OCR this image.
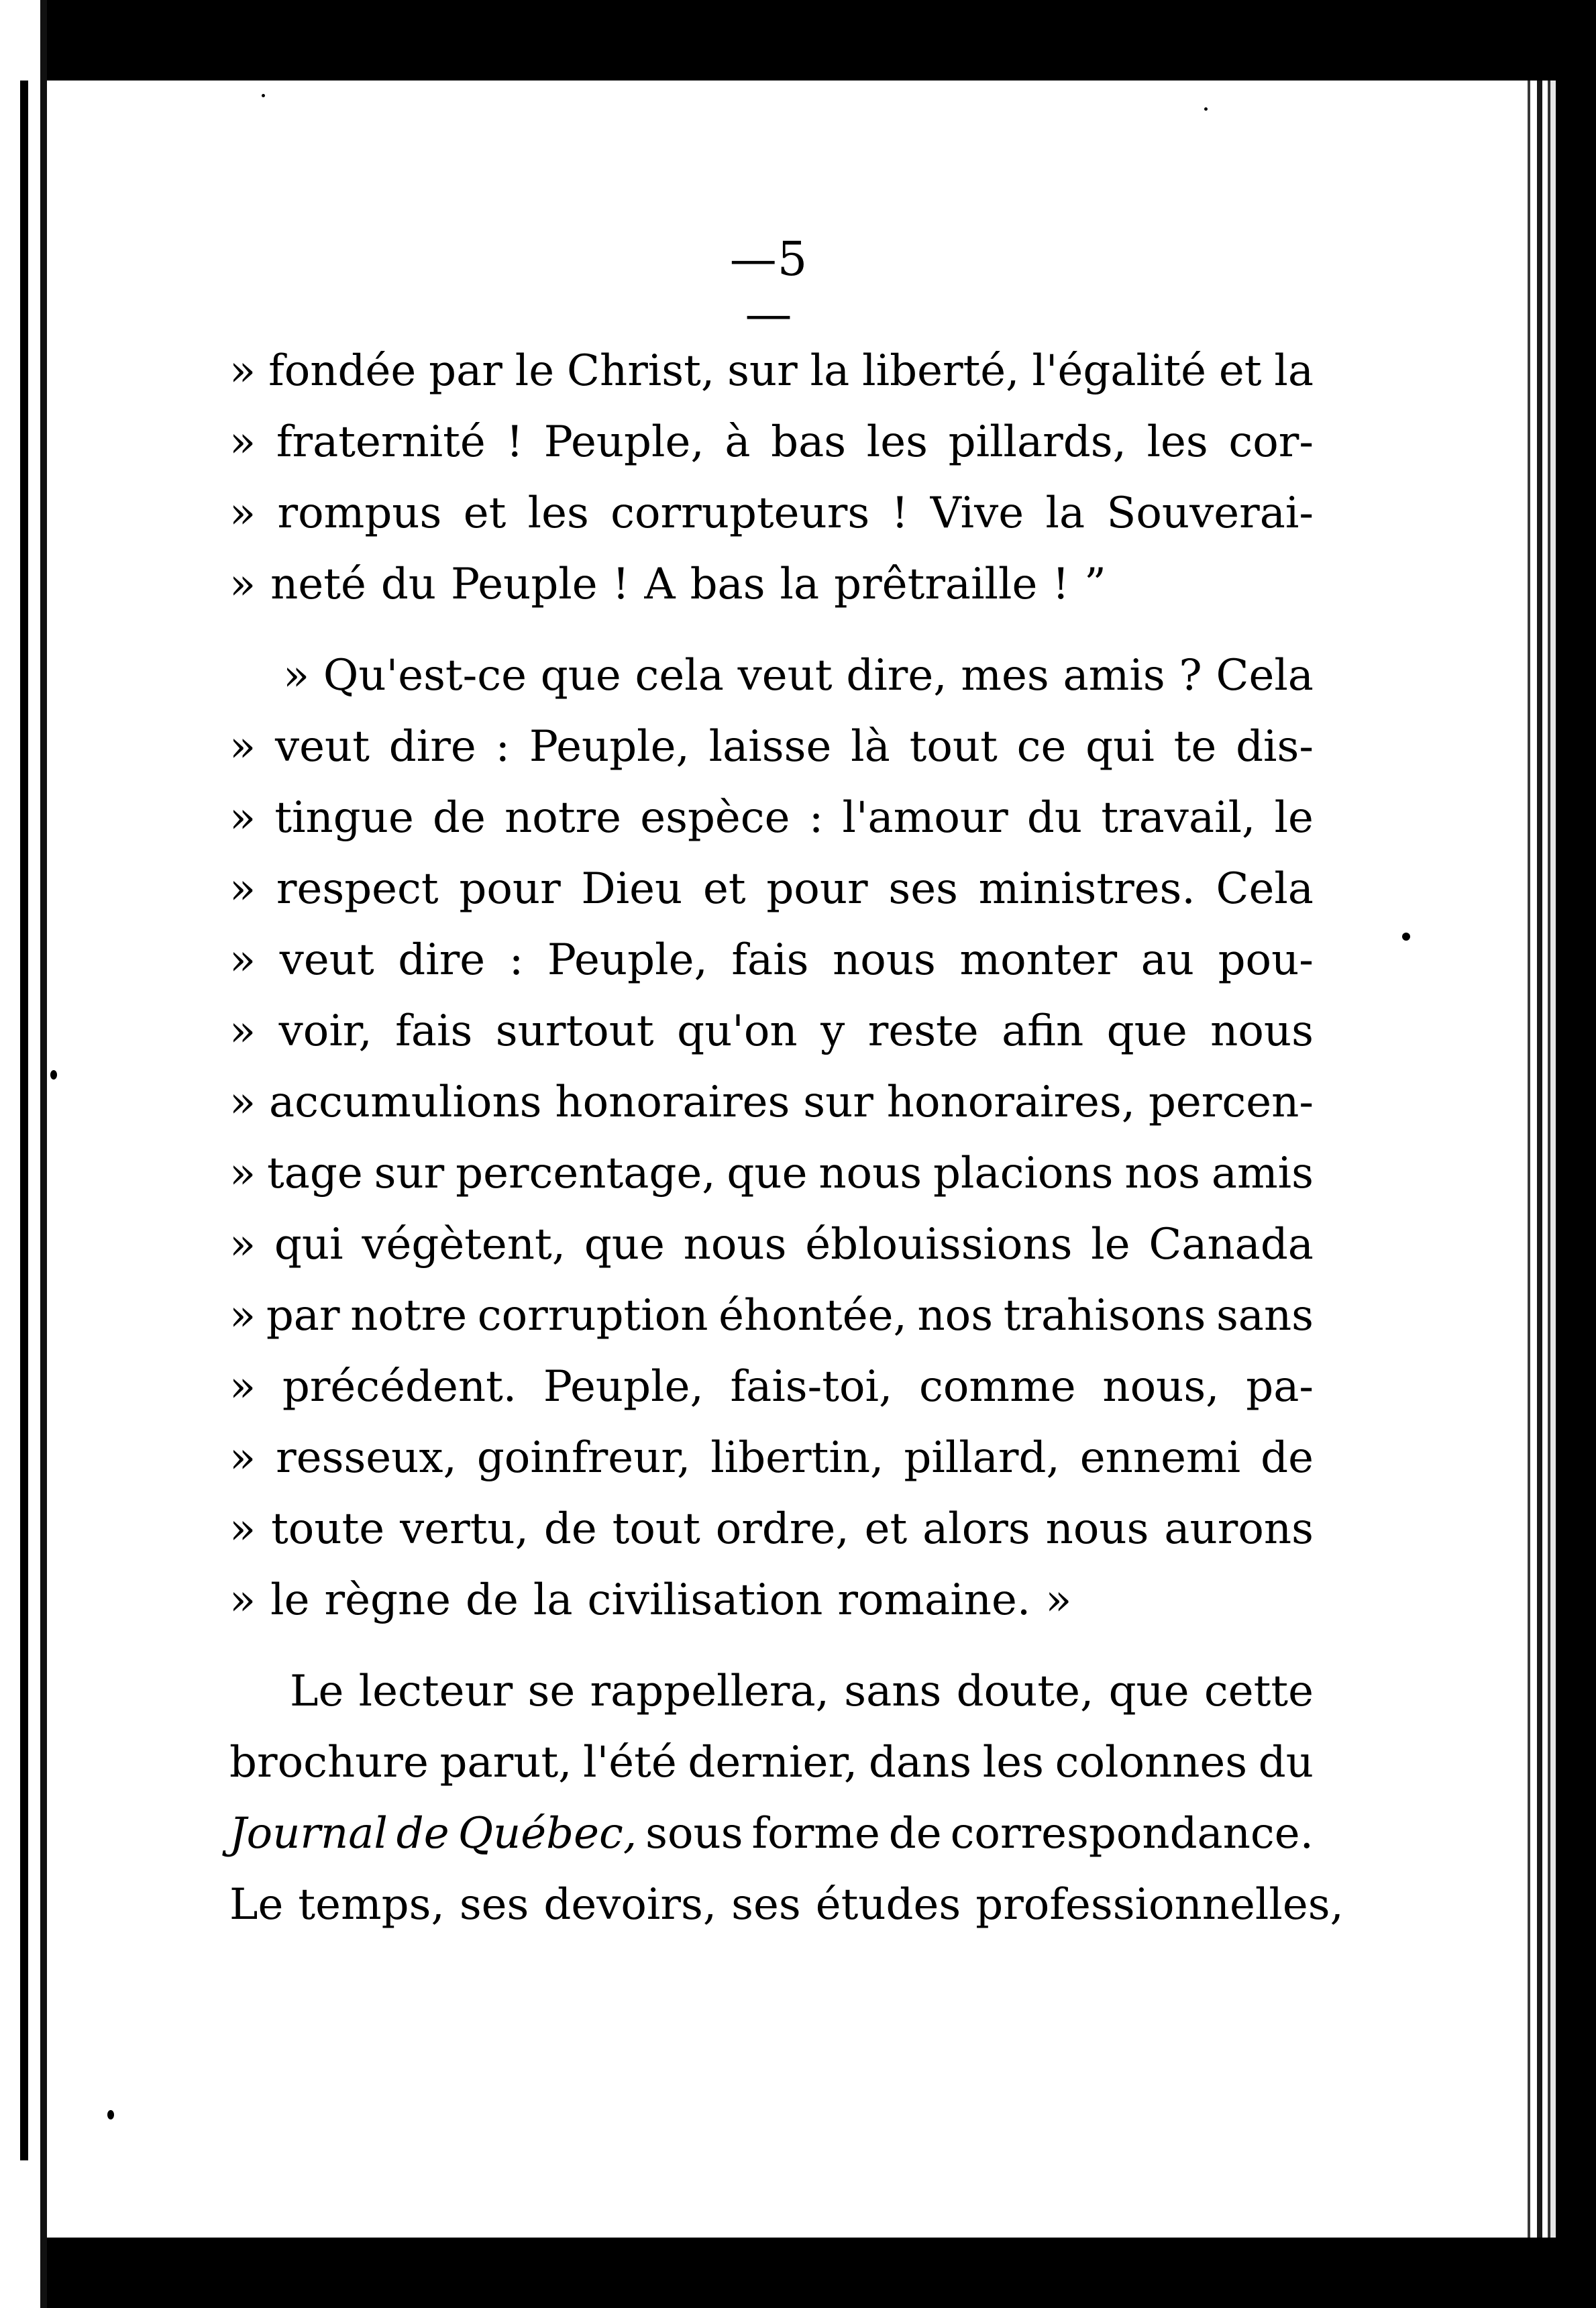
—5—
» fondée par le Christ, sur la liberté, l'égalité et la
» fraternité ! Peuple, à bas les pillards, les cor-
» rompus et les corrupteurs ! Vive la Souverai-
» neté du Peuple ! A bas la prêtraille ! ”
» Qu'est-ce que cela veut dire, mes amis ? Cela
» veut dire : Peuple, laisse là tout ce qui te dis-
» tingue de notre espèce : l'amour du travail, le
» respect pour Dieu et pour ses ministres. Cela
» veut dire : Peuple, fais nous monter au pou-
» voir, fais surtout qu'on y reste afin que nous
» accumulions honoraires sur honoraires, percen-
» tage sur percentage, que nous placions nos amis
» qui végètent, que nous éblouissions le Canada
» par notre corruption éhontée, nos trahisons sans
» précédent. Peuple, fais-toi, comme nous, pa-
» resseux, goinfreur, libertin, pillard, ennemi de
» toute vertu, de tout ordre, et alors nous aurons
» le règne de la civilisation romaine. »
Le lecteur se rappellera, sans doute, que cette
brochure parut, l'été dernier, dans les colonnes du
Journal de Québec, sous forme de correspondance.
Le temps, ses devoirs, ses études professionnelles,
